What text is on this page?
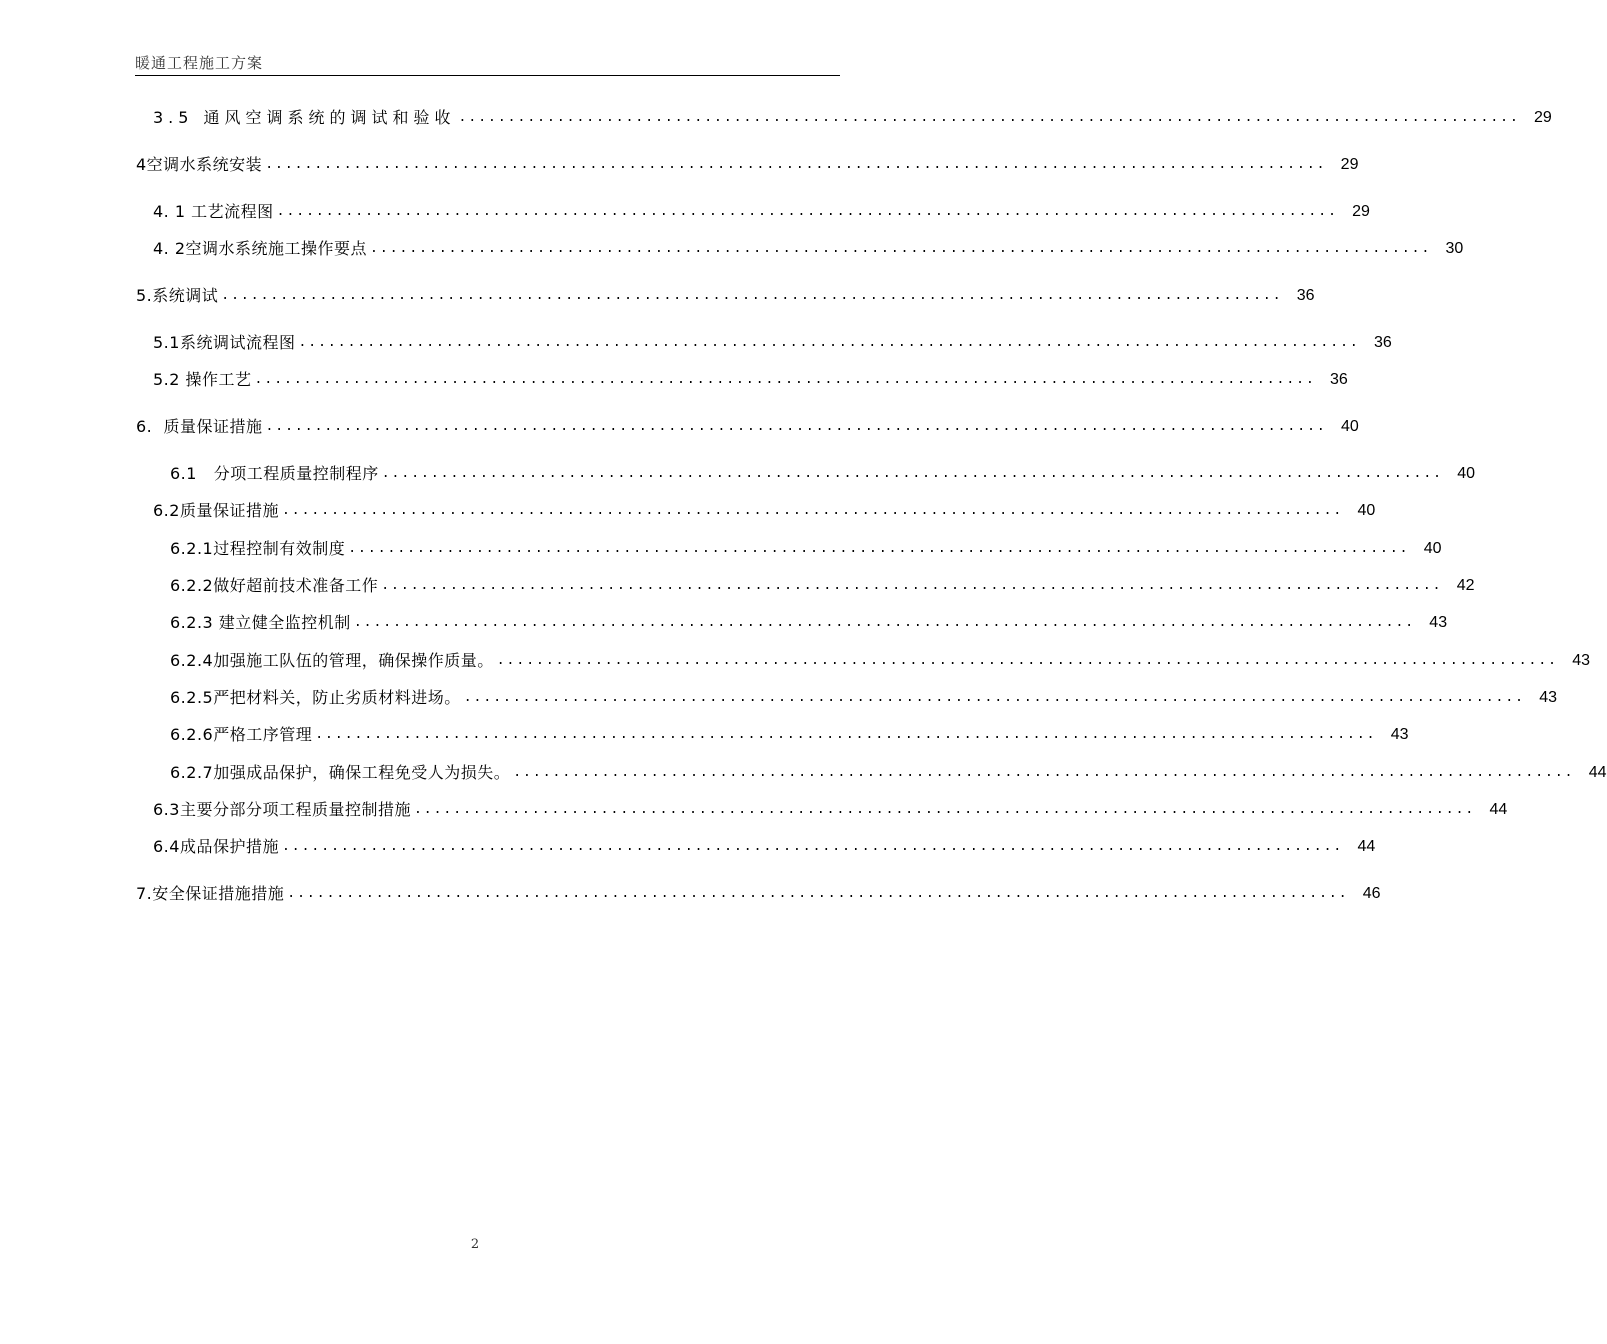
暖通工程施工方案
3.5 通风空调系统的调试和验收 ............................................................................................................ 29
4空调水系统安装 ............................................................................................................ 29
4. 1 工艺流程图 ............................................................................................................ 29
4. 2空调水系统施工操作要点 ............................................................................................................ 30
5.系统调试 ............................................................................................................ 36
5.1系统调试流程图 ............................................................................................................ 36
5.2 操作工艺 ............................................................................................................ 36
6.  质量保证措施 ............................................................................................................ 40
6.1   分项工程质量控制程序 ............................................................................................................ 40
6.2质量保证措施 ............................................................................................................ 40
6.2.1过程控制有效制度 ............................................................................................................ 40
6.2.2做好超前技术准备工作 ............................................................................................................ 42
6.2.3 建立健全监控机制 ............................................................................................................ 43
6.2.4加强施工队伍的管理，确保操作质量。 ............................................................................................................ 43
6.2.5严把材料关，防止劣质材料进场。 ............................................................................................................ 43
6.2.6严格工序管理 ............................................................................................................ 43
6.2.7加强成品保护，确保工程免受人为损失。 ............................................................................................................ 44
6.3主要分部分项工程质量控制措施 ............................................................................................................ 44
6.4成品保护措施 ............................................................................................................ 44
7.安全保证措施措施 ............................................................................................................ 46
2
